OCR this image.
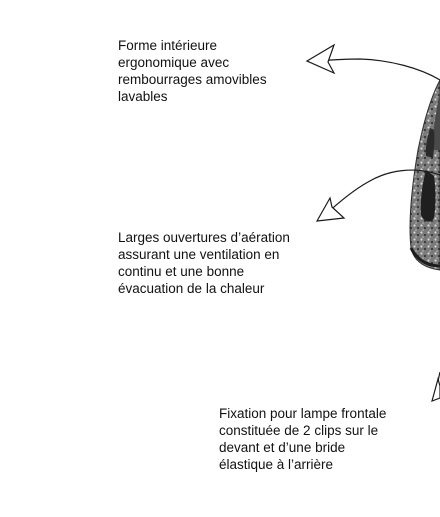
Forme intérieure
ergonomique avec
rembourrages amovibles
lavables

Larges ouvertures d’aération
assurant une ventilation en
continu et une bonne
évacuation de la chaleur

Fixation pour lampe frontale
constituée de 2 clips sur le
devant et d’une bride
élastique à l’arrière
